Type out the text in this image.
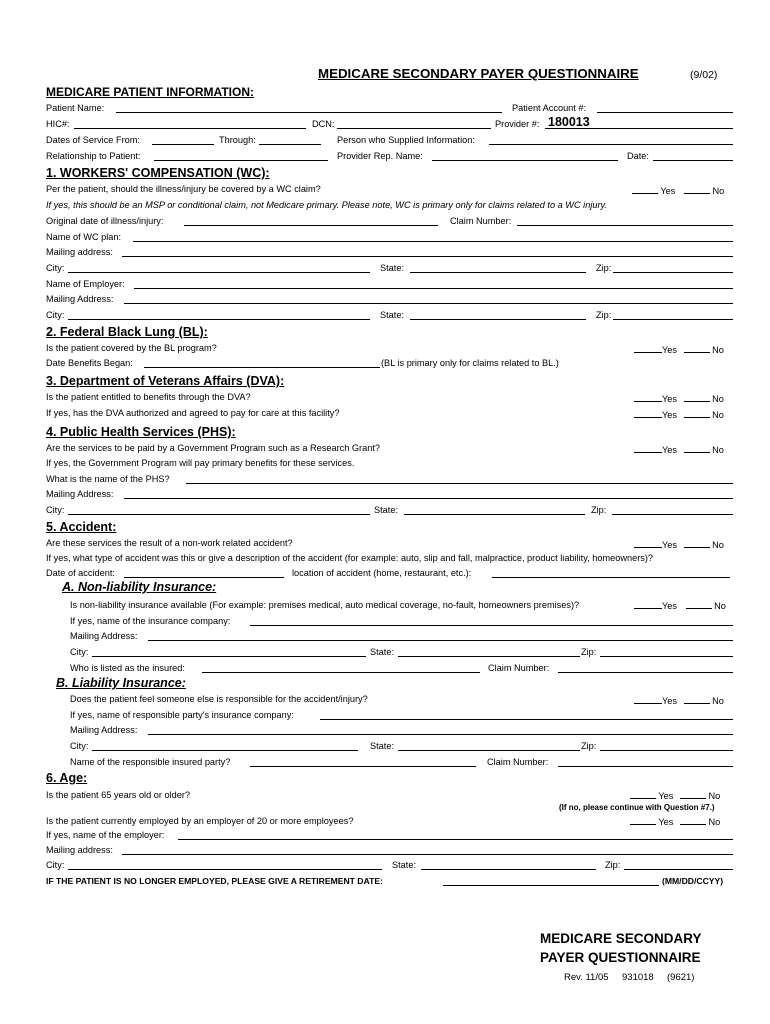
MEDICARE SECONDARY PAYER QUESTIONNAIRE	(9/02)
MEDICARE PATIENT INFORMATION:
Patient Name:	Patient Account #:
HIC#:	DCN:	Provider #: 180013
Dates of Service From:	Through:	Person who Supplied Information:
Relationship to Patient:	Provider Rep. Name:	Date:
1. WORKERS' COMPENSATION (WC):
Per the patient, should the illness/injury be covered by a WC claim?	Yes	No
If yes, this should be an MSP or conditional claim, not Medicare primary. Please note, WC is primary only for claims related to a WC injury.
Original date of illness/injury:	Claim Number:
Name of WC plan:
Mailing address:
City:	State:	Zip:
Name of Employer:
Mailing Address:
City:	State:	Zip:
2. Federal Black Lung (BL):
Is the patient covered by the BL program?	Yes	No
Date Benefits Began:	(BL is primary only for claims related to BL.)
3. Department of Veterans Affairs (DVA):
Is the patient entitled to benefits through the DVA?	Yes	No
If yes, has the DVA authorized and agreed to pay for care at this facility?	Yes	No
4. Public Health Services (PHS):
Are the services to be paid by a Government Program such as a Research Grant?	Yes	No
If yes, the Government Program will pay primary benefits for these services.
What is the name of the PHS?
Mailing Address:
City:	State:	Zip:
5. Accident:
Are these services the result of a non-work related accident?	Yes	No
If yes, what type of accident was this or give a description of the accident (for example: auto, slip and fall, malpractice, product liability, homeowners)?
Date of accident:	location of accident (home, restaurant, etc.):
A. Non-liability Insurance:
Is non-liability insurance available (For example: premises medical, auto medical coverage, no-fault, homeowners premises)?	Yes	No
If yes, name of the insurance company:
Mailing Address:
City:	State:	Zip:
Who is listed as the insured:	Claim Number:
B. Liability Insurance:
Does the patient feel someone else is responsible for the accident/injury?	Yes	No
If yes, name of responsible party's insurance company:
Mailing Address:
City:	State:	Zip:
Name of the responsible insured party?	Claim Number:
6. Age:
Is the patient 65 years old or older?	Yes	No
(If no, please continue with Question #7.)
Is the patient currently employed by an employer of 20 or more employees?	Yes	No
If yes, name of the employer:
Mailing address:
City:	State:	Zip:
IF THE PATIENT IS NO LONGER EMPLOYED, PLEASE GIVE A RETIREMENT DATE:	(MM/DD/CCYY)
MEDICARE SECONDARY
PAYER QUESTIONNAIRE
Rev. 11/05 931018 (9621)
